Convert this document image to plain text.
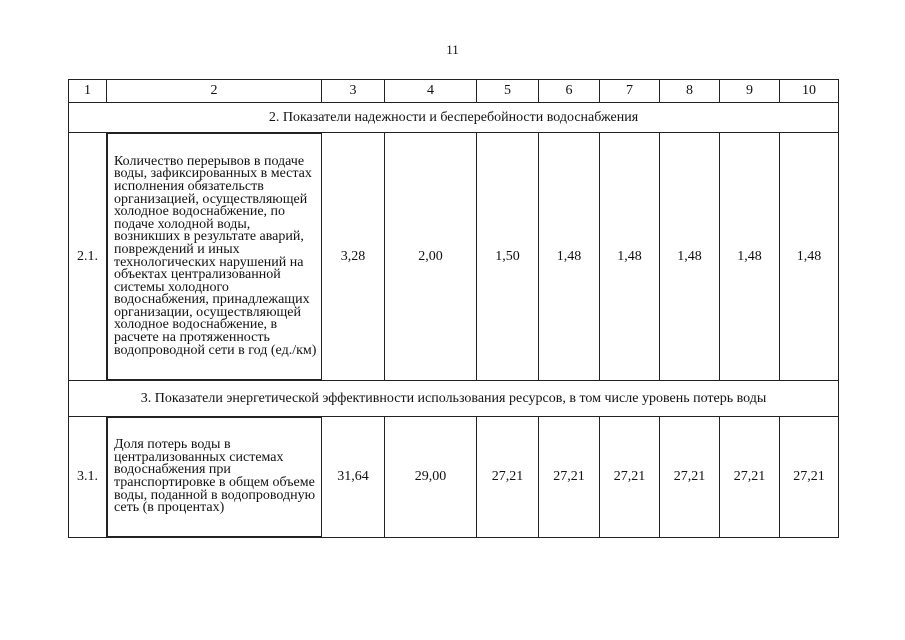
11
1	2	3	4	5	6	7	8	9	10
2. Показатели надежности и бесперебойности водоснабжения									
2.1.	Количество перерывов в подаче воды, зафиксированных в местах исполнения обязательств организацией, осуществляющей холодное водоснабжение, по подаче холодной воды, возникших в результате аварий, повреждений и иных технологических нарушений на объектах централизованной системы холодного водоснабжения, принадлежащих организации, осуществляющей холодное водоснабжение, в расчете на протяженность водопроводной сети в год (ед./км)	3,28	2,00	1,50	1,48	1,48	1,48	1,48	1,48
3. Показатели энергетической эффективности использования ресурсов, в том числе уровень потерь воды									
3.1.	Доля потерь воды в централизованных системах водоснабжения при транспортировке в общем объеме воды, поданной в водопроводную сеть (в процентах)	31,64	29,00	27,21	27,21	27,21	27,21	27,21	27,21
